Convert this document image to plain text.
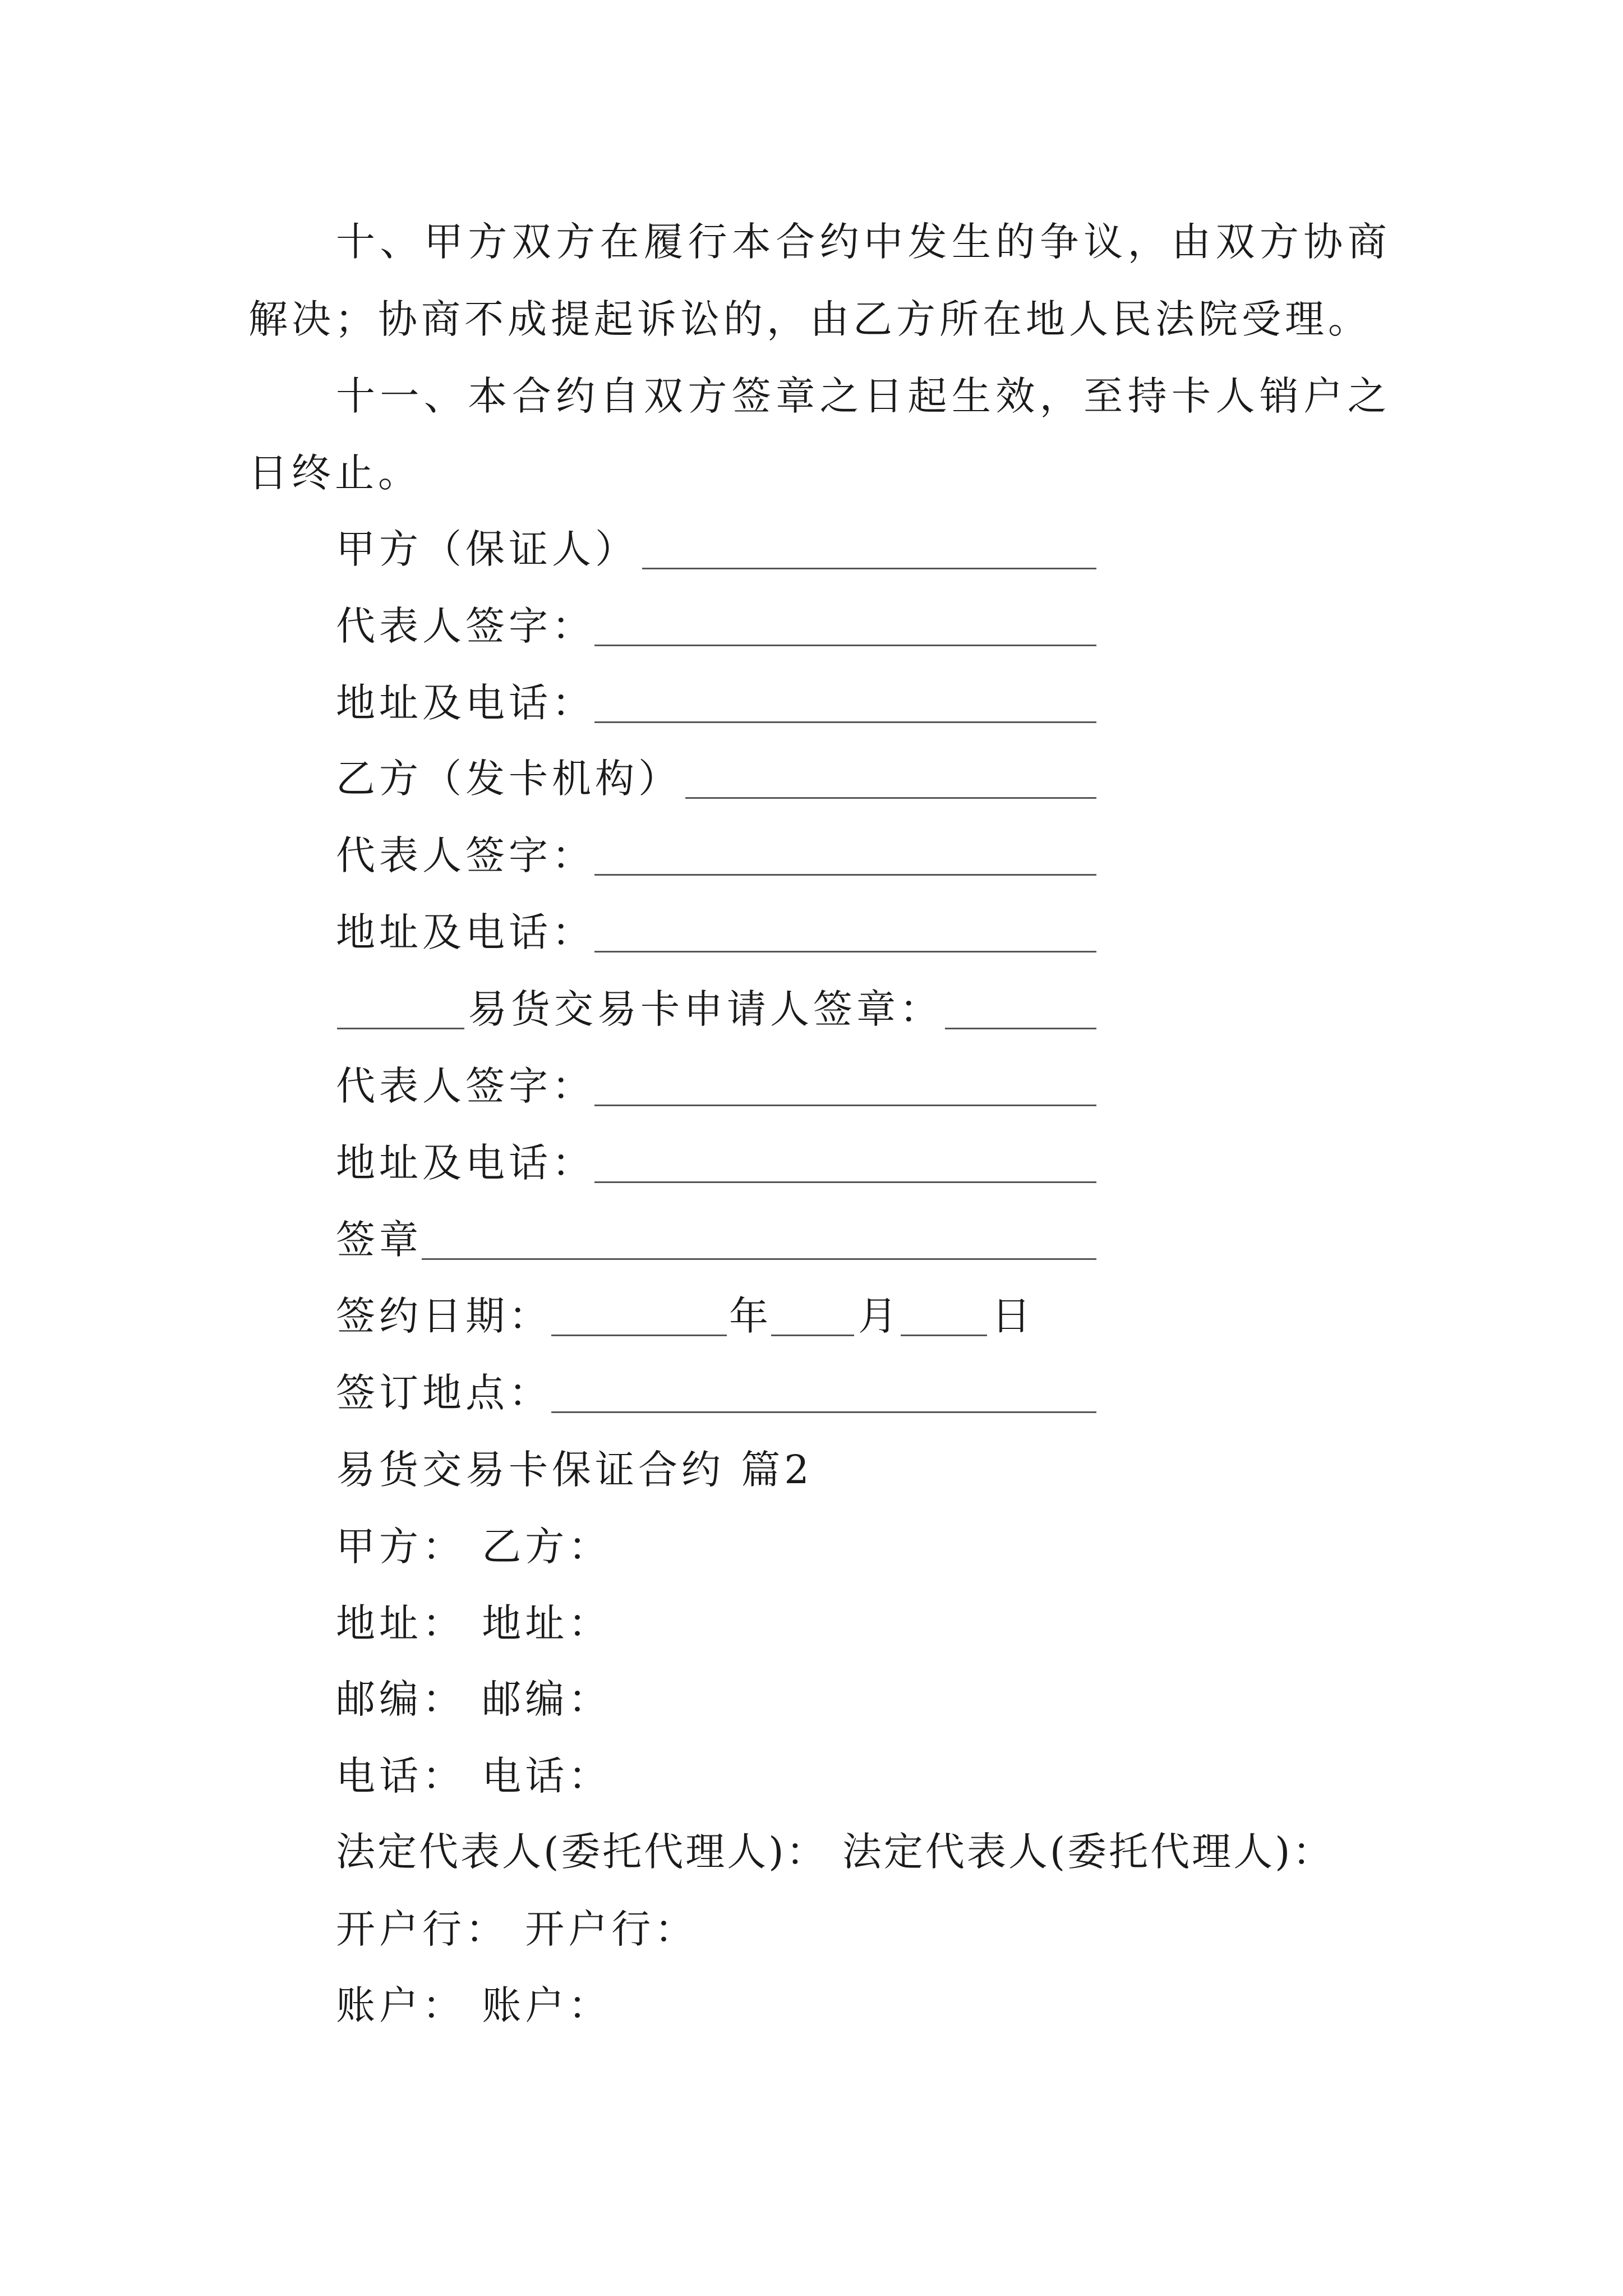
十 、 甲 方 双 方 在 履 行 本 合 约 中 发 生 的 争 议 ， 由 双 方 协 商
解决；协商不成提起诉讼的，由乙方所在地人民法院受理。
十 一 、 本 合 约 自 双 方 签 章 之 日 起 生 效 ， 至 持 卡 人 销 户 之
日终止。
甲方（保证人）
代表人签字：
地址及电话：
乙方（发卡机构）
代表人签字：
地址及电话：
易货交易卡申请人签章：
代表人签字：
地址及电话：
签章
签约日期：	年 月 日
签订地点：
易货交易卡保证合约 篇2
甲方： 乙方：
地址： 地址：
邮编： 邮编：
电话： 电话：
法定代表人(委托代理人)： 法定代表人(委托代理人)：
开户行： 开户行：
账户： 账户：
